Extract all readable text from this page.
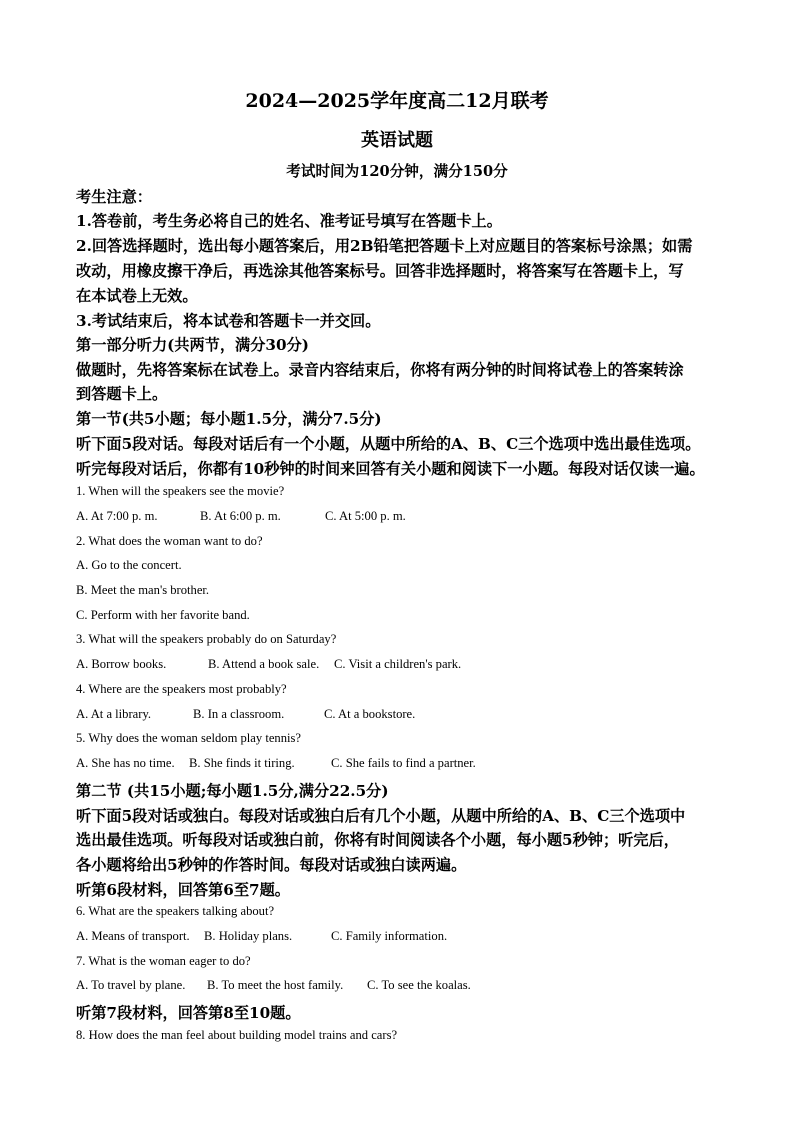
2024—2025学年度高二12月联考
英语试题
考试时间为120分钟，满分150分
考生注意：
1.答卷前，考生务必将自己的姓名、准考证号填写在答题卡上。
2.回答选择题时，选出每小题答案后，用2B铅笔把答题卡上对应题目的答案标号涂黑；如需
改动，用橡皮擦干净后，再选涂其他答案标号。回答非选择题时，将答案写在答题卡上，写
在本试卷上无效。
3.考试结束后，将本试卷和答题卡一并交回。
第一部分听力(共两节，满分30分)
做题时，先将答案标在试卷上。录音内容结束后，你将有两分钟的时间将试卷上的答案转涂
到答题卡上。
第一节(共5小题；每小题1.5分，满分7.5分)
听下面5段对话。每段对话后有一个小题，从题中所给的A、B、C三个选项中选出最佳选项。
听完每段对话后，你都有10秒钟的时间来回答有关小题和阅读下一小题。每段对话仅读一遍。
1. When will the speakers see the movie?
A. At 7:00 p. m.	B. At 6:00 p. m.	C. At 5:00 p. m.
2. What does the woman want to do?
A. Go to the concert.
B. Meet the man's brother.
C. Perform with her favorite band.
3. What will the speakers probably do on Saturday?
A. Borrow books.	B. Attend a book sale. C. Visit a children's park.
4. Where are the speakers most probably?
A. At a library.	B. In a classroom.	C. At a bookstore.
5. Why does the woman seldom play tennis?
A. She has no time. B. She finds it tiring.	C. She fails to find a partner.
第二节 (共15小题;每小题1.5分,满分22.5分)
听下面5段对话或独白。每段对话或独白后有几个小题，从题中所给的A、B、C三个选项中
选出最佳选项。听每段对话或独白前，你将有时间阅读各个小题，每小题5秒钟；听完后，
各小题将给出5秒钟的作答时间。每段对话或独白读两遍。
听第6段材料，回答第6至7题。
6. What are the speakers talking about?
A. Means of transport. B. Holiday plans.	C. Family information.
7. What is the woman eager to do?
A. To travel by plane. B. To meet the host family. C. To see the koalas.
听第7段材料，回答第8至10题。
8. How does the man feel about building model trains and cars?
